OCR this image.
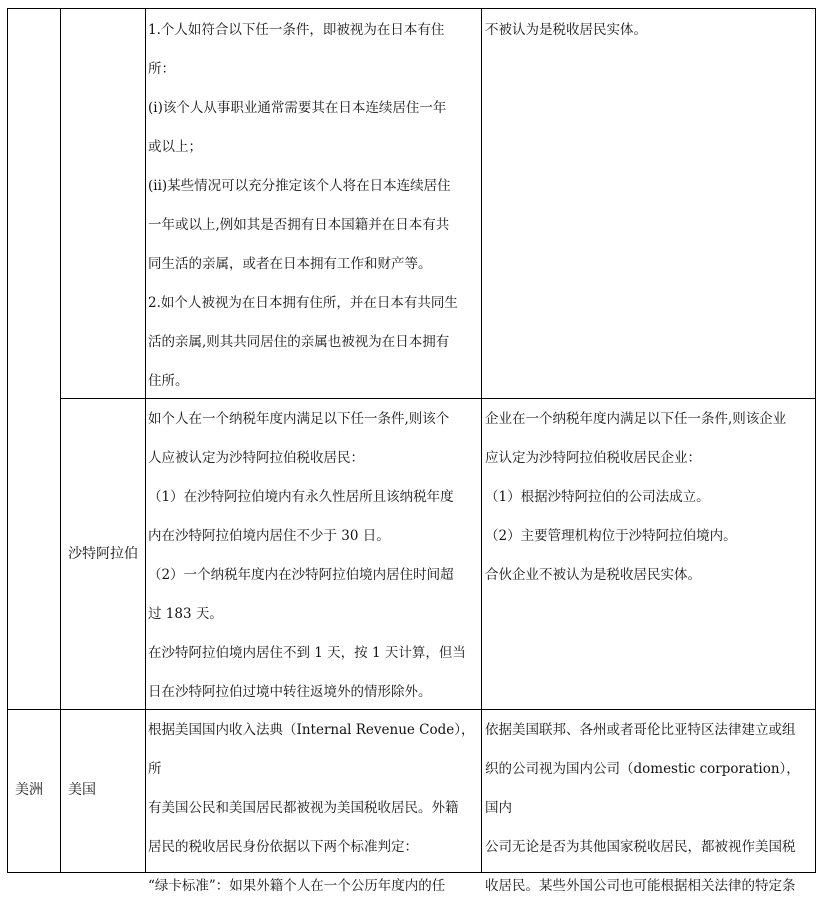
1.个人如符合以下任一条件，即被视为在日本有住
所：
(i)该个人从事职业通常需要其在日本连续居住一年
或以上；
(ii)某些情况可以充分推定该个人将在日本连续居住
一年或以上,例如其是否拥有日本国籍并在日本有共
同生活的亲属，或者在日本拥有工作和财产等。
2.如个人被视为在日本拥有住所，并在日本有共同生
活的亲属,则其共同居住的亲属也被视为在日本拥有
住所。

不被认为是税收居民实体。

沙特阿拉伯

如个人在一个纳税年度内满足以下任一条件,则该个
人应被认定为沙特阿拉伯税收居民：
（1）在沙特阿拉伯境内有永久性居所且该纳税年度
内在沙特阿拉伯境内居住不少于 30 日。
（2）一个纳税年度内在沙特阿拉伯境内居住时间超
过 183 天。
在沙特阿拉伯境内居住不到 1 天，按 1 天计算，但当
日在沙特阿拉伯过境中转往返境外的情形除外。

企业在一个纳税年度内满足以下任一条件,则该企业
应认定为沙特阿拉伯税收居民企业：
（1）根据沙特阿拉伯的公司法成立。
（2）主要管理机构位于沙特阿拉伯境内。
合伙企业不被认为是税收居民实体。

美洲 美国

根据美国国内收入法典（Internal Revenue Code），所
有美国公民和美国居民都被视为美国税收居民。外籍
居民的税收居民身份依据以下两个标准判定：
“绿卡标准”：如果外籍个人在一个公历年度内的任

依据美国联邦、各州或者哥伦比亚特区法律建立或组
织的公司视为国内公司（domestic corporation），国内
公司无论是否为其他国家税收居民，都被视作美国税
收居民。某些外国公司也可能根据相关法律的特定条
